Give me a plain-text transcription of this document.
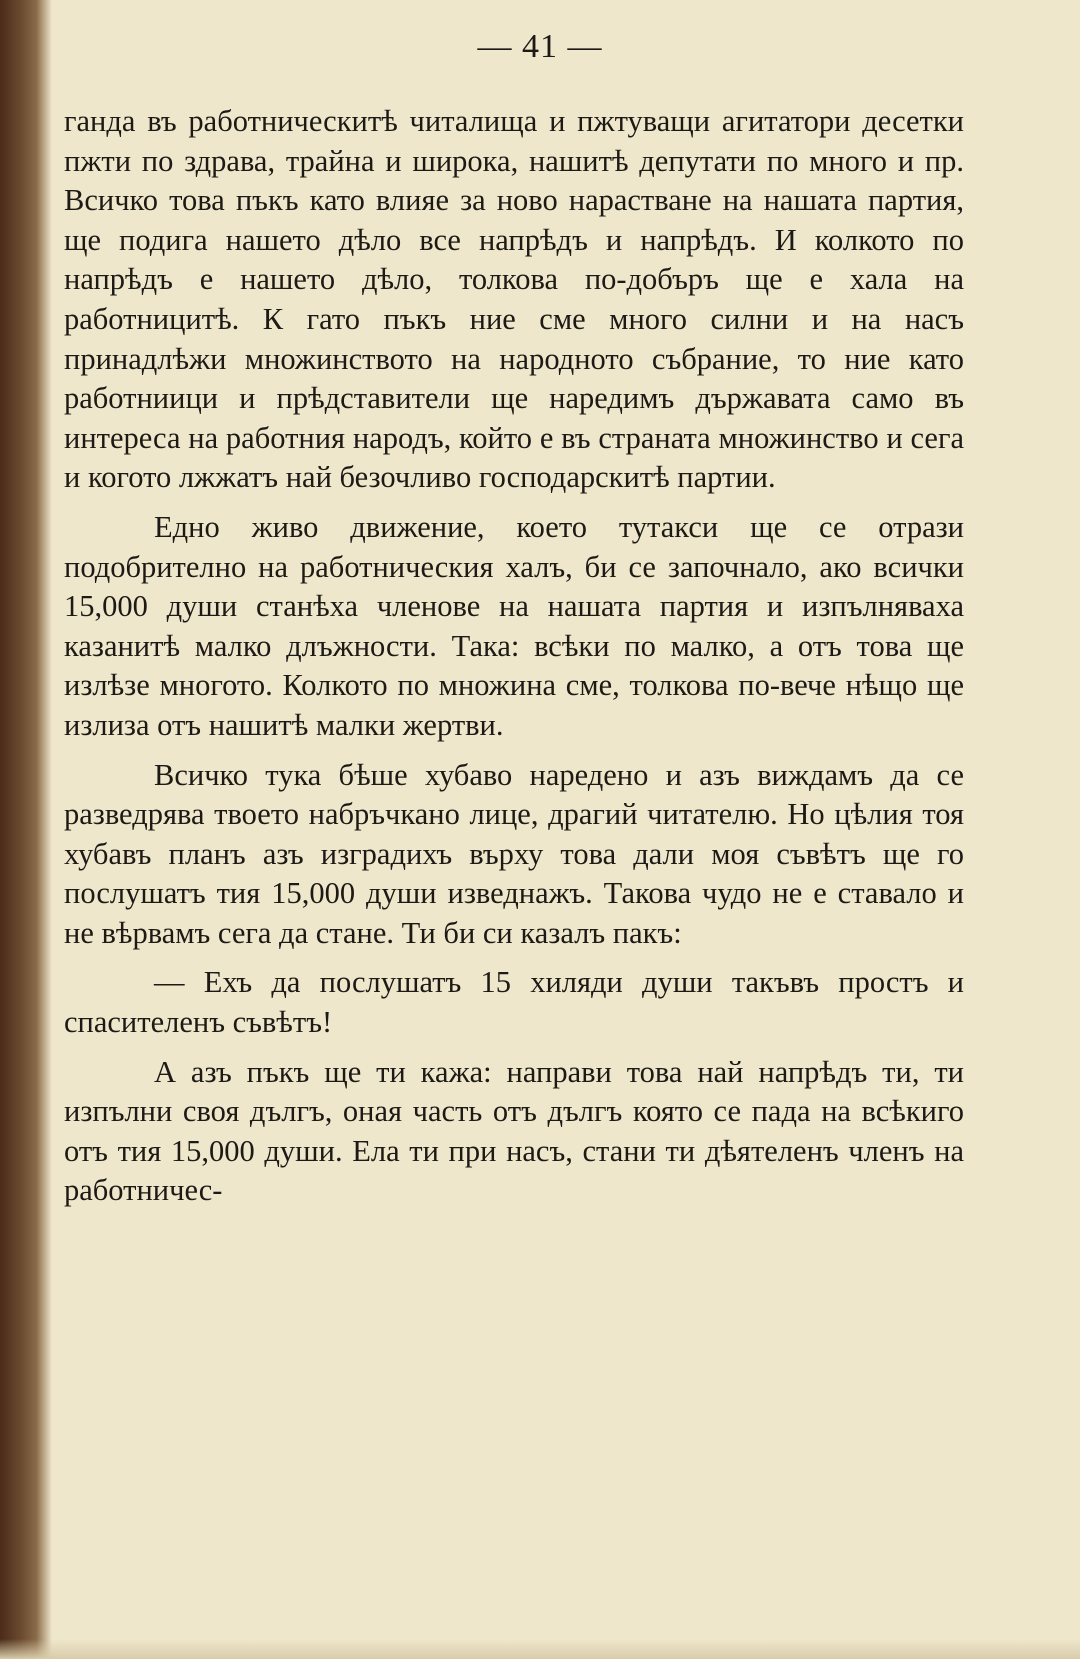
— 41 —

ганда въ работническитѣ читалища и пжтуващи агитатори десетки пжти по здрава, трайна и широка, нашитѣ депутати по много и пр. Всичко това пъкъ като влияе за ново нарастване на нашата партия, ще подига нашето дѣло все напрѣдъ и напрѣдъ. И колкото по напрѣдъ е нашето дѣло, толкова по-добъръ ще е хала на работницитѣ. К гато пъкъ ние сме много силни и на насъ принадлѣжи множинството на народното събрание, то ние като работниици и прѣдставители ще наредимъ държавата само въ интереса на работния народъ, който е въ страната множинство и сега и когото лжжатъ най безочливо господарскитѣ партии.

Едно живо движение, което тутакси ще се отрази подобрително на работническия халъ, би се започнало, ако всички 15,000 души станѣха членове на нашата партия и изпълняваха казанитѣ малко длъжности. Така: всѣки по малко, а отъ това ще излѣзе многото. Колкото по множина сме, толкова по-вече нѣщо ще излиза отъ нашитѣ малки жертви.

Всичко тука бѣше хубаво наредено и азъ виждамъ да се разведрява твоето набръчкано лице, драгий читателю. Но цѣлия тоя хубавъ планъ азъ изградихъ върху това дали моя съвѣтъ ще го послушатъ тия 15,000 души изведнажъ. Такова чудо не е ставало и не вѣрвамъ сега да стане. Ти би си казалъ пакъ:

— Ехъ да послушатъ 15 хиляди души такъвъ простъ и спасителенъ съвѣтъ!

А азъ пъкъ ще ти кажа: направи това най напрѣдъ ти, ти изпълни своя дългъ, оная часть отъ дългъ която се пада на всѣкиго отъ тия 15,000 души. Ела ти при насъ, стани ти дѣятеленъ членъ на работничес-
